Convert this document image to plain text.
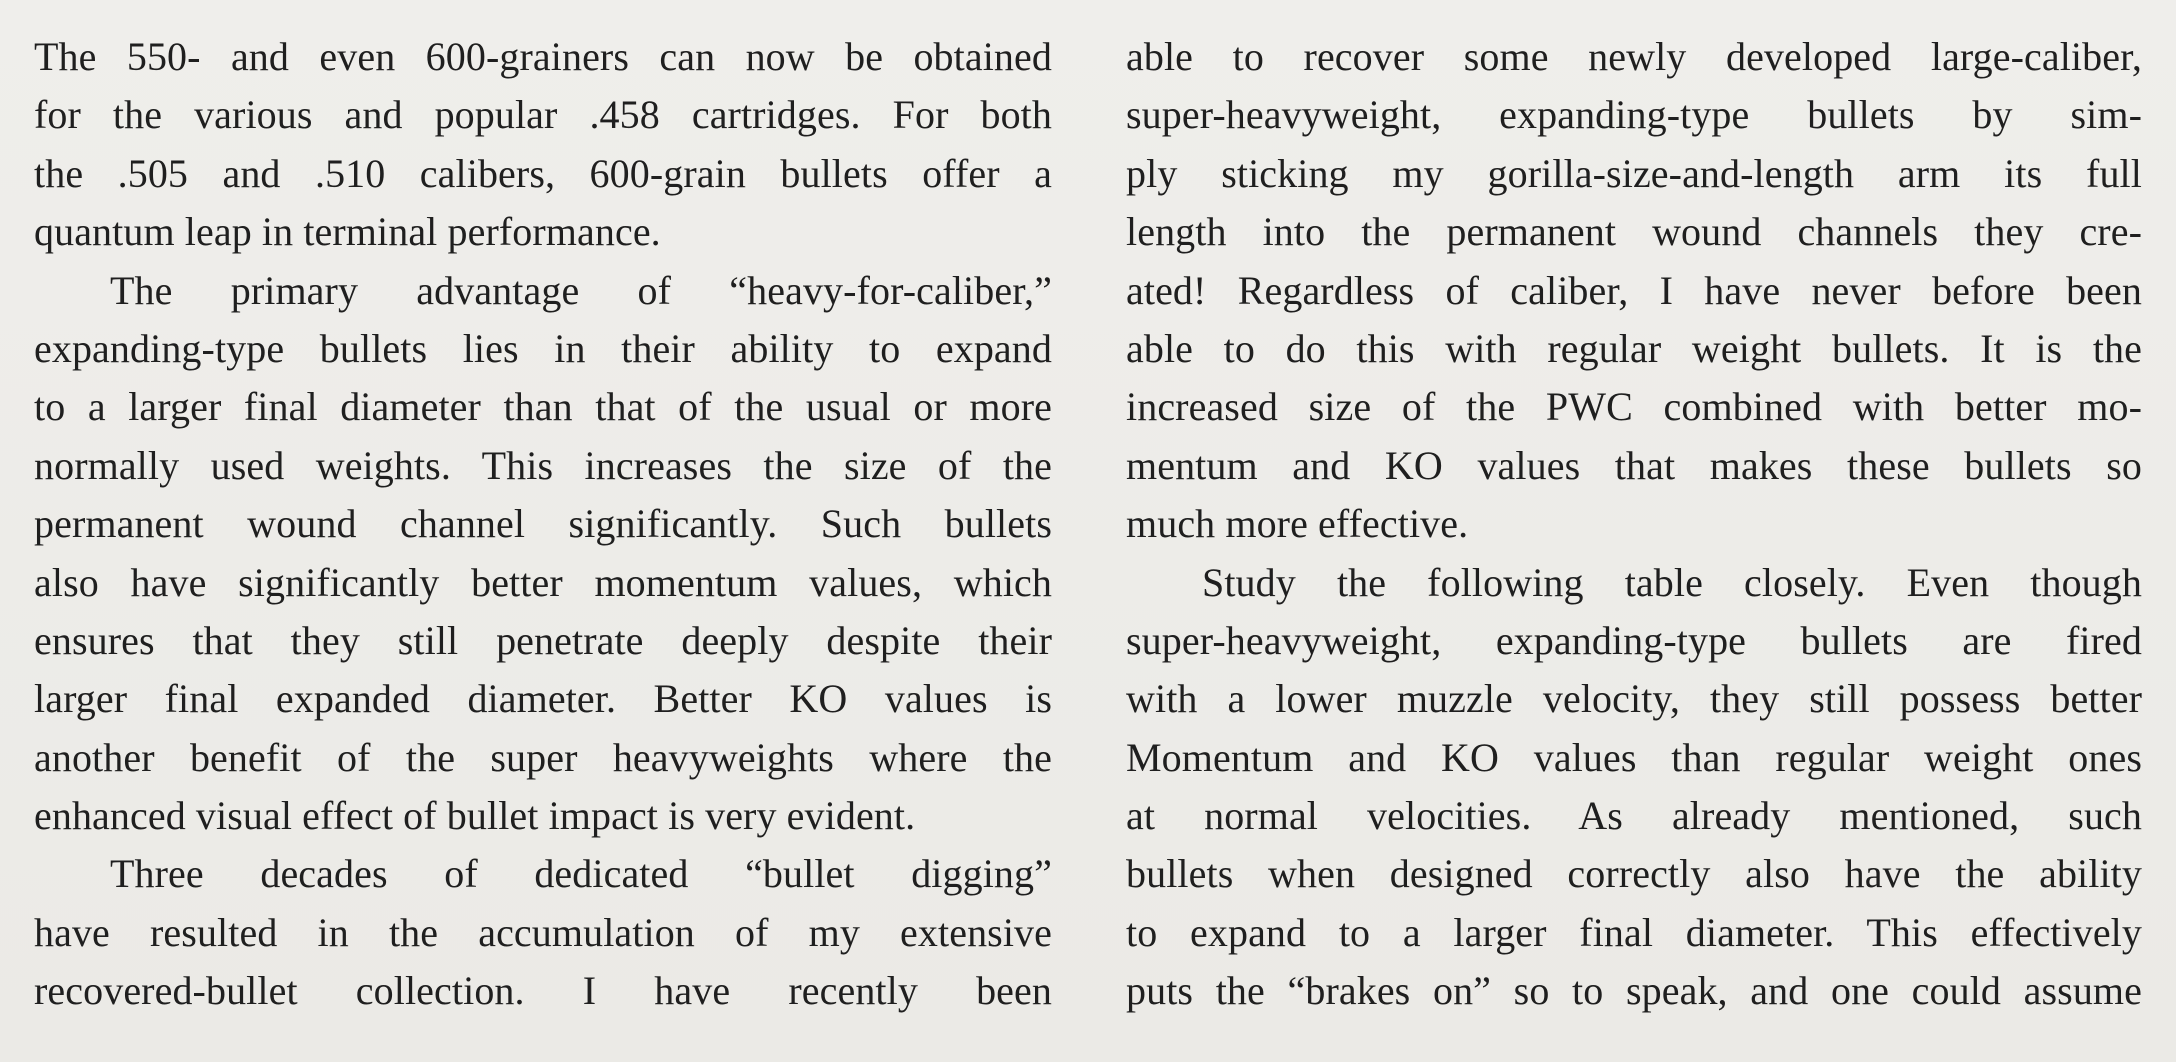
The 550- and even 600-grainers can now be obtained
for the various and popular .458 cartridges. For both
the .505 and .510 calibers, 600-grain bullets offer a
quantum leap in terminal performance.
The primary advantage of “heavy-for-caliber,”
expanding-type bullets lies in their ability to expand
to a larger final diameter than that of the usual or more
normally used weights. This increases the size of the
permanent wound channel significantly. Such bullets
also have significantly better momentum values, which
ensures that they still penetrate deeply despite their
larger final expanded diameter. Better KO values is
another benefit of the super heavyweights where the
enhanced visual effect of bullet impact is very evident.
Three decades of dedicated “bullet digging”
have resulted in the accumulation of my extensive
recovered-bullet collection. I have recently been
able to recover some newly developed large-caliber,
super-heavyweight, expanding-type bullets by sim-
ply sticking my gorilla-size-and-length arm its full
length into the permanent wound channels they cre-
ated! Regardless of caliber, I have never before been
able to do this with regular weight bullets. It is the
increased size of the PWC combined with better mo-
mentum and KO values that makes these bullets so
much more effective.
Study the following table closely. Even though
super-heavyweight, expanding-type bullets are fired
with a lower muzzle velocity, they still possess better
Momentum and KO values than regular weight ones
at normal velocities. As already mentioned, such
bullets when designed correctly also have the ability
to expand to a larger final diameter. This effectively
puts the “brakes on” so to speak, and one could assume
